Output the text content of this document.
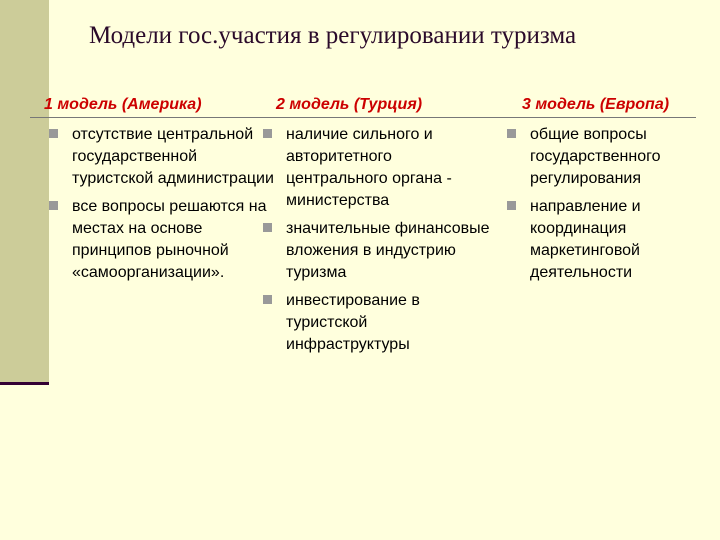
Модели гос.участия в регулировании туризма
1 модель (Америка)	2 модель (Турция)	3 модель (Европа)
отсутствие центральной государственной туристской администрации
все вопросы решаются на местах на основе принципов рыночной «самоорганизации».
наличие сильного и авторитетного центрального органа - министерства
значительные финансовые вложения в индустрию туризма
инвестирование в туристской инфраструктуры
общие вопросы государственного регулирования
направление и координация маркетинговой деятельности
